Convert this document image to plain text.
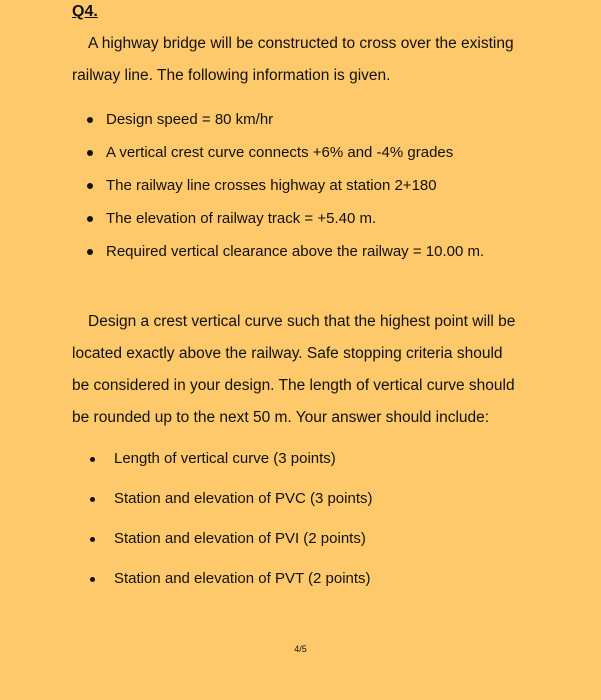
Q4.

A highway bridge will be constructed to cross over the existing
railway line. The following information is given.

Design speed = 80 km/hr
A vertical crest curve connects +6% and -4% grades
The railway line crosses highway at station 2+180
The elevation of railway track = +5.40 m.
Required vertical clearance above the railway = 10.00 m.

Design a crest vertical curve such that the highest point will be
located exactly above the railway. Safe stopping criteria should
be considered in your design. The length of vertical curve should
be rounded up to the next 50 m. Your answer should include:

Length of vertical curve (3 points)
Station and elevation of PVC (3 points)
Station and elevation of PVI (2 points)
Station and elevation of PVT (2 points)
4/5
